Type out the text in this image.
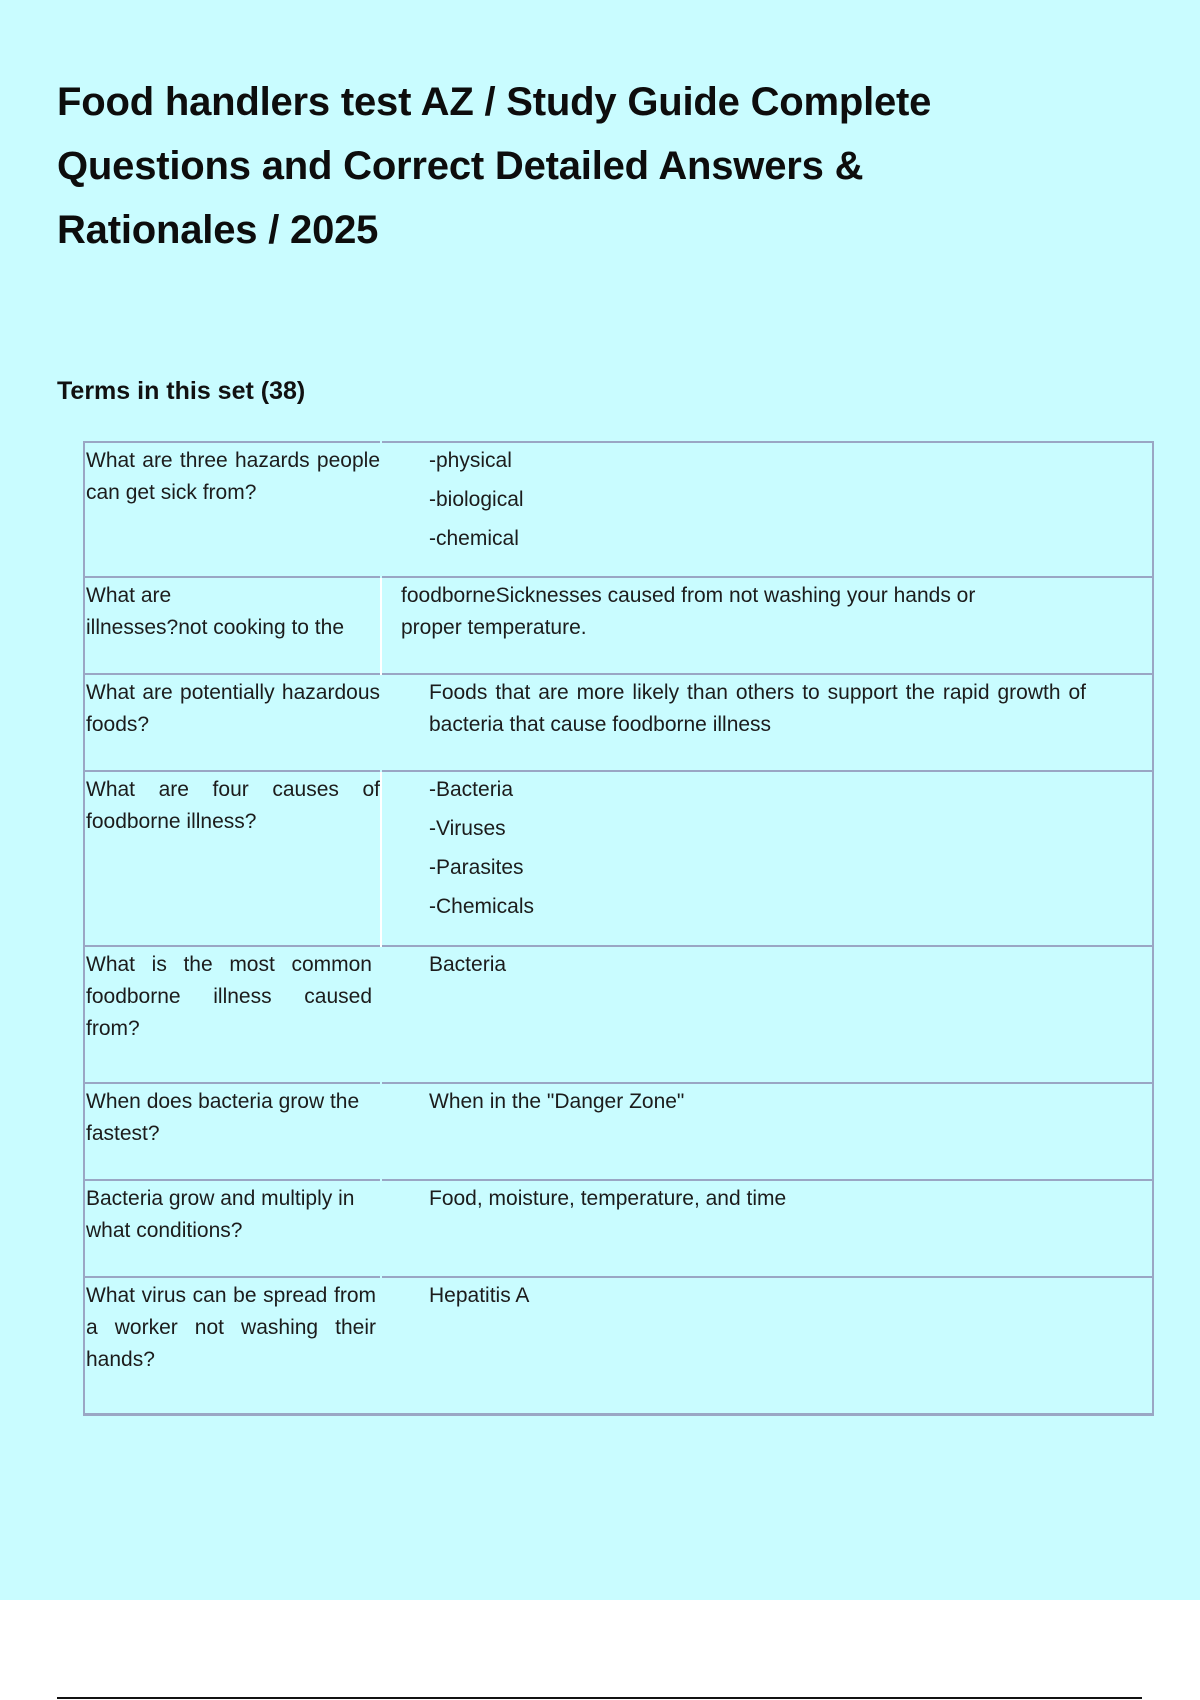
Food handlers test AZ / Study Guide Complete
Questions and Correct Detailed Answers &
Rationales / 2025
Terms in this set (38)
What are three hazards people can get sick from?	-physical
-biological
-chemical

What are
illnesses?not cooking to the	foodborneSicknesses caused from not washing your hands or
proper temperature.

What are potentially hazardous foods?	Foods that are more likely than others to support the rapid growth of bacteria that cause foodborne illness
What are four causes of foodborne illness?	-Bacteria
-Viruses
-Parasites
-Chemicals

What is the most common foodborne illness caused from?	Bacteria
When does bacteria grow the fastest?	When in the "Danger Zone"
Bacteria grow and multiply in what conditions?	Food, moisture, temperature, and time
What virus can be spread from a worker not washing their hands?	Hepatitis A
